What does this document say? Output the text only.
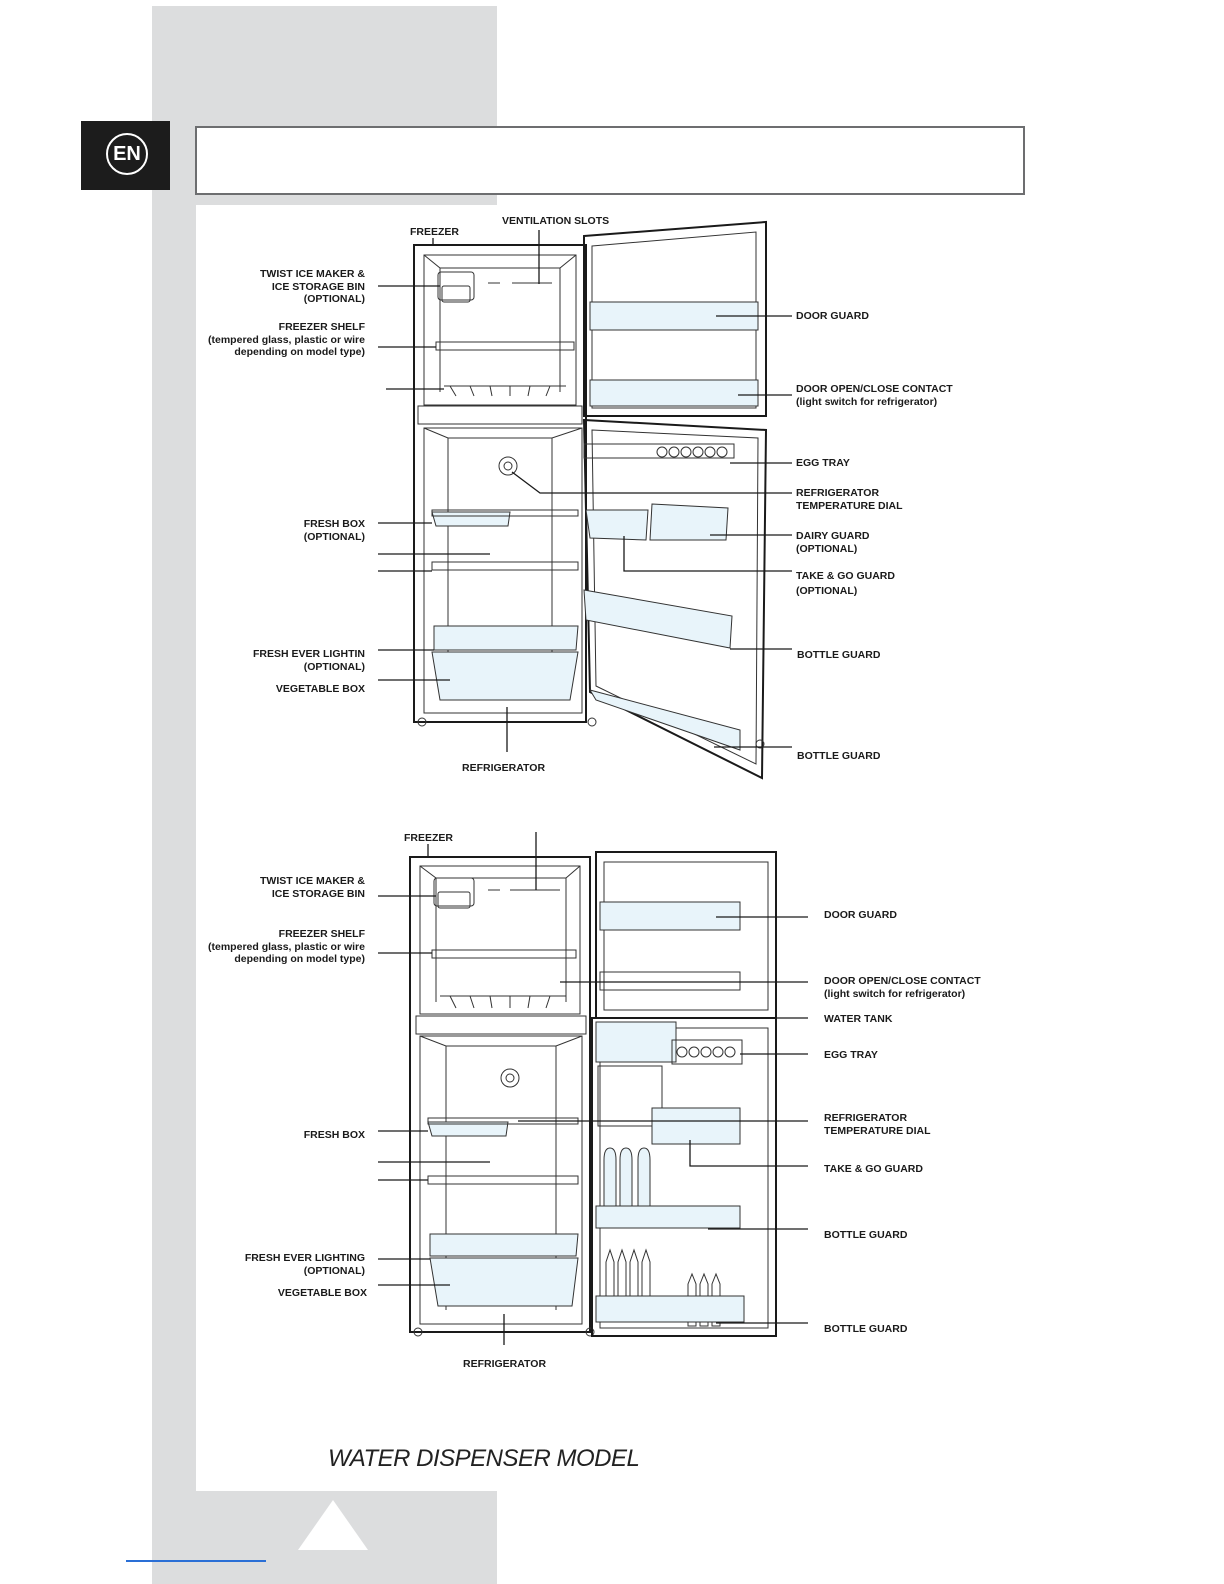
EN
VENTILATION SLOTS
FREEZER
TWIST ICE MAKER &
ICE STORAGE BIN
(OPTIONAL)
FREEZER SHELF
(tempered glass, plastic or wire
depending on model type)
FRESH BOX
(OPTIONAL)
FRESH EVER LIGHTIN
(OPTIONAL)
VEGETABLE BOX
REFRIGERATOR
DOOR GUARD
DOOR OPEN/CLOSE CONTACT
(light switch for refrigerator)
EGG TRAY
REFRIGERATOR
TEMPERATURE DIAL
DAIRY GUARD
(OPTIONAL)
TAKE & GO GUARD
(OPTIONAL)
BOTTLE GUARD
BOTTLE GUARD
FREEZER
TWIST ICE MAKER &
ICE STORAGE BIN
FREEZER SHELF
(tempered glass, plastic or wire
depending on model type)
FRESH BOX
FRESH EVER LIGHTING
(OPTIONAL)
VEGETABLE BOX
REFRIGERATOR
DOOR GUARD
DOOR OPEN/CLOSE CONTACT
(light switch for refrigerator)
WATER TANK
EGG TRAY
REFRIGERATOR
TEMPERATURE DIAL
TAKE & GO GUARD
BOTTLE GUARD
BOTTLE GUARD
WATER DISPENSER MODEL
